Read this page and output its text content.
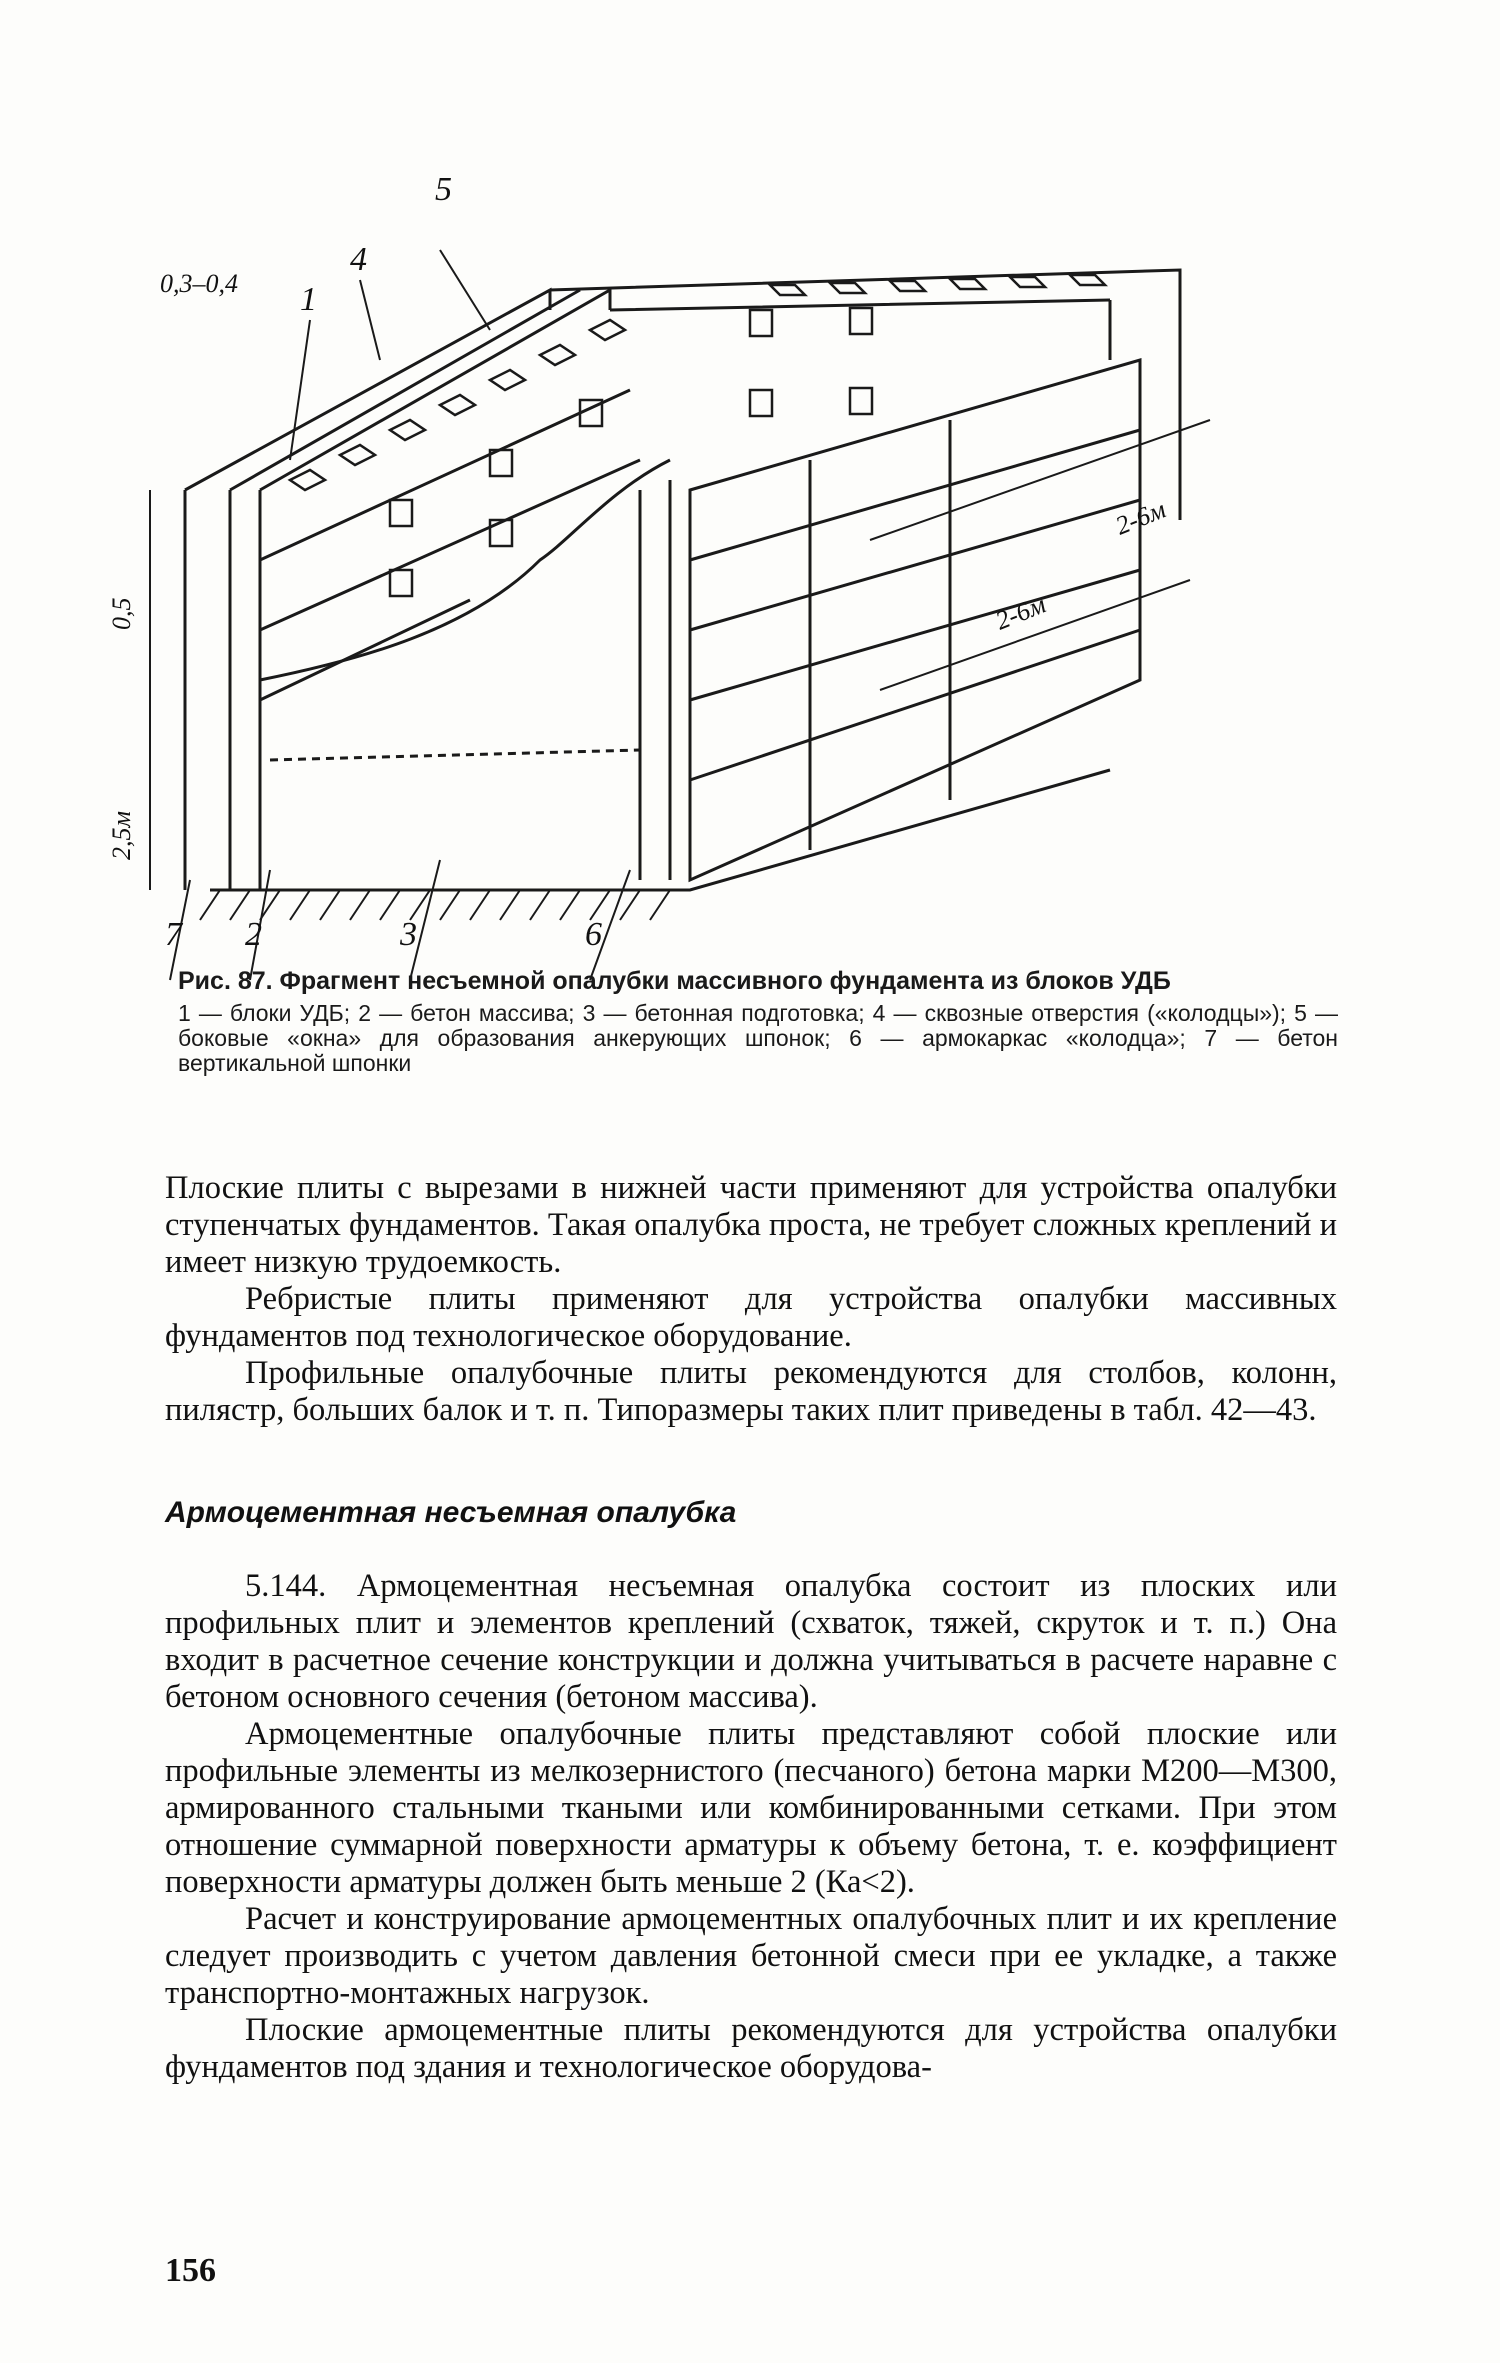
5
4
1
7 2	3	6
0,3–0,4
0,5
2-6м
2-6м
2,5м
Рис. 87. Фрагмент несъемной опалубки массивного фундамента из блоков УДБ
1 — блоки УДБ; 2 — бетон массива; 3 — бетонная подготовка; 4 — сквозные отверстия («колодцы»); 5 — боковые «окна» для образования анкерующих шпонок; 6 — армокаркас «колодца»; 7 — бетон вертикальной шпонки

Плоские плиты с вырезами в нижней части применяют для устройства опалубки ступенчатых фундаментов. Такая опалубка проста, не требует сложных креплений и имеет низкую трудоемкость.

Ребристые плиты применяют для устройства опалубки массивных фундаментов под технологическое оборудование.

Профильные опалубочные плиты рекомендуются для столбов, колонн, пилястр, больших балок и т. п. Типоразмеры таких плит приведены в табл. 42—43.

Армоцементная несъемная опалубка

5.144. Армоцементная несъемная опалубка состоит из плоских или профильных плит и элементов креплений (схваток, тяжей, скруток и т. п.) Она входит в расчетное сечение конструкции и должна учитываться в расчете наравне с бетоном основного сечения (бетоном массива).

Армоцементные опалубочные плиты представляют собой плоские или профильные элементы из мелкозернистого (песчаного) бетона марки М200—М300, армированного стальными ткаными или комбинированными сетками. При этом отношение суммарной поверхности арматуры к объему бетона, т. е. коэффициент поверхности арматуры должен быть меньше 2 (Ка<2).

Расчет и конструирование армоцементных опалубочных плит и их крепление следует производить с учетом давления бетонной смеси при ее укладке, а также транспортно-монтажных нагрузок.

Плоские армоцементные плиты рекомендуются для устройства опалубки фундаментов под здания и технологическое оборудова-

156
